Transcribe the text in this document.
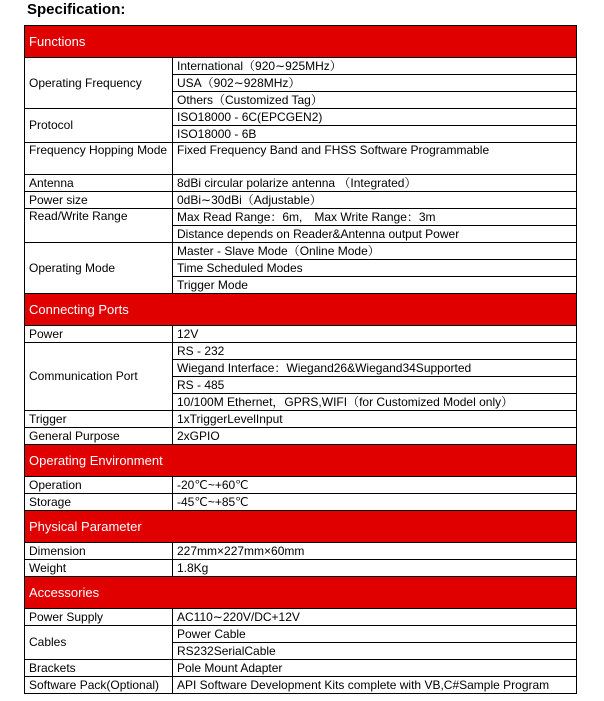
Specification:
Functions	
Operating Frequency	International（920∼925MHz）
	USA（902∼928MHz）
	Others（Customized Tag）
Protocol	ISO18000 - 6C(EPCGEN2)
	ISO18000 - 6B
Frequency Hopping Mode	Fixed Frequency Band and FHSS Software Programmable
Antenna	8dBi circular polarize antenna （Integrated）
Power size	0dBi∼30dBi（Adjustable）
Read/Write Range	Max Read Range：6m,　Max Write Range：3m
	Distance depends on Reader&Antenna output Power
Operating Mode	Master - Slave Mode（Online Mode）
	Time Scheduled Modes
	Trigger Mode
Connecting Ports	
Power	12V
Communication Port	RS - 232
	Wiegand Interface：Wiegand26&Wiegand34Supported
	RS - 485
	10/100M Ethernet，GPRS,WIFI（for Customized Model only）
Trigger	1xTriggerLevelInput
General Purpose	2xGPIO
Operating Environment	
Operation	-20℃~+60℃
Storage	-45℃~+85℃
Physical Parameter	
Dimension	227mm×227mm×60mm
Weight	1.8Kg
Accessories	
Power Supply	AC110∼220V/DC+12V
Cables	Power Cable
	RS232SerialCable
Brackets	Pole Mount Adapter
Software Pack(Optional)	API Software Development Kits complete with VB,C#Sample Program
